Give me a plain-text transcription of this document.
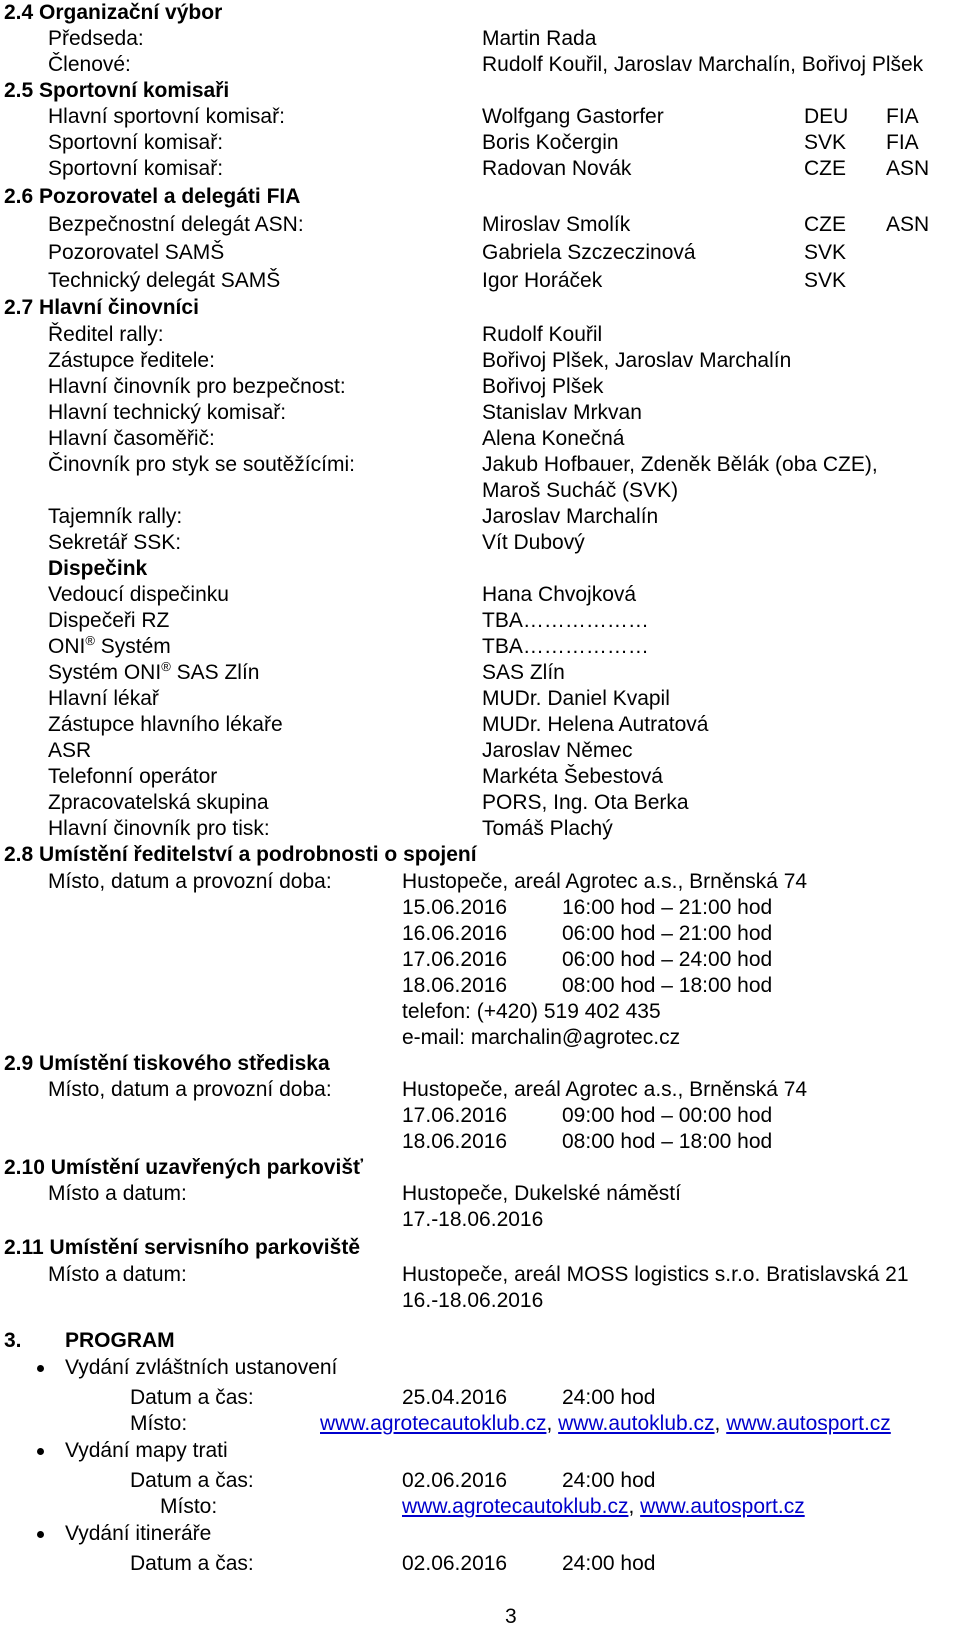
2.4 Organizační výbor
Předseda:	Martin Rada
Členové:	Rudolf Kouřil, Jaroslav Marchalín, Bořivoj Plšek
2.5 Sportovní komisaři
Hlavní sportovní komisař:	Wolfgang Gastorfer	DEU FIA
Sportovní komisař:	Boris Kočergin	SVK FIA
Sportovní komisař:	Radovan Novák	CZE ASN
2.6 Pozorovatel a delegáti FIA
Bezpečnostní delegát ASN:	Miroslav Smolík	CZE ASN
Pozorovatel SAMŠ	Gabriela Szczeczinová	SVK
Technický delegát SAMŠ	Igor Horáček	SVK
2.7 Hlavní činovníci
Ředitel rally:	Rudolf Kouřil
Zástupce ředitele:	Bořivoj Plšek, Jaroslav Marchalín
Hlavní činovník pro bezpečnost:	Bořivoj Plšek
Hlavní technický komisař:	Stanislav Mrkvan
Hlavní časoměřič:	Alena Konečná
Činovník pro styk se soutěžícími:	Jakub Hofbauer, Zdeněk Bělák (oba CZE),
Maroš Sucháč (SVK)
Tajemník rally:	Jaroslav Marchalín
Sekretář SSK:	Vít Dubový
Dispečink
Vedoucí dispečinku	Hana Chvojková
Dispečeři RZ	TBA………………
ONI® Systém	TBA………………
Systém ONI® SAS Zlín	SAS Zlín
Hlavní lékař	MUDr. Daniel Kvapil
Zástupce hlavního lékaře	MUDr. Helena Autratová
ASR	Jaroslav Němec
Telefonní operátor	Markéta Šebestová
Zpracovatelská skupina	PORS, Ing. Ota Berka
Hlavní činovník pro tisk:	Tomáš Plachý
2.8 Umístění ředitelství a podrobnosti o spojení
Místo, datum a provozní doba:	Hustopeče, areál Agrotec a.s., Brněnská 74
15.06.2016	16:00 hod – 21:00 hod
16.06.2016	06:00 hod – 21:00 hod
17.06.2016	06:00 hod – 24:00 hod
18.06.2016	08:00 hod – 18:00 hod
telefon: (+420) 519 402 435
e-mail: marchalin@agrotec.cz
2.9 Umístění tiskového střediska
Místo, datum a provozní doba:	Hustopeče, areál Agrotec a.s., Brněnská 74
17.06.2016	09:00 hod – 00:00 hod
18.06.2016	08:00 hod – 18:00 hod
2.10 Umístění uzavřených parkovišť
Místo a datum:	Hustopeče, Dukelské náměstí
17.-18.06.2016
2.11 Umístění servisního parkoviště
Místo a datum:	Hustopeče, areál MOSS logistics s.r.o. Bratislavská 21
16.-18.06.2016
3. PROGRAM
Vydání zvláštních ustanovení
Datum a čas:	25.04.2016	24:00 hod
Místo:	www.agrotecautoklub.cz, www.autoklub.cz, www.autosport.cz
Vydání mapy trati
Datum a čas:	02.06.2016	24:00 hod
Místo:	www.agrotecautoklub.cz, www.autosport.cz
Vydání itineráře
Datum a čas:	02.06.2016	24:00 hod
3
